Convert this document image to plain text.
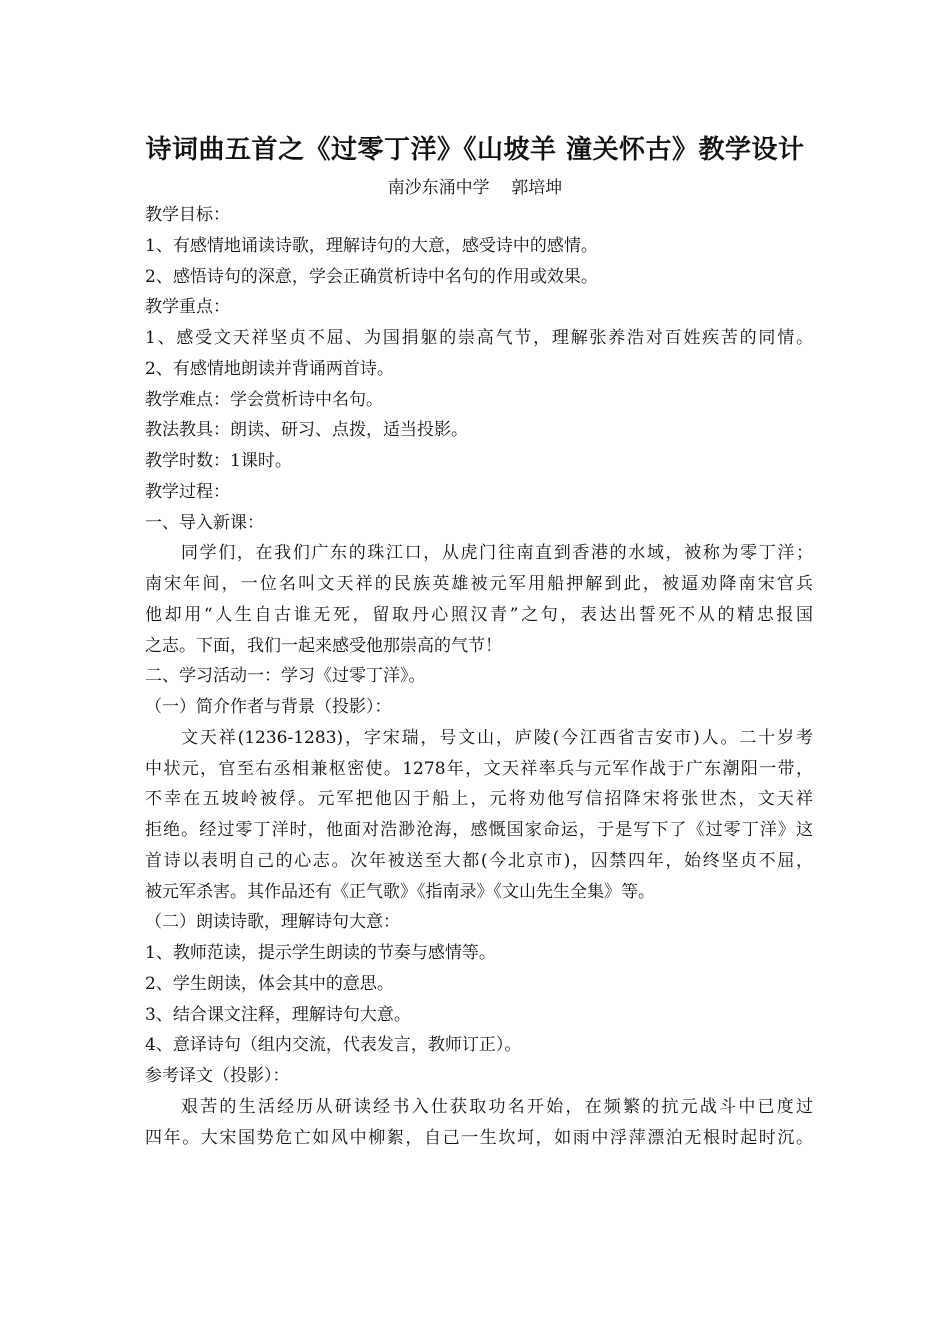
诗词曲五首之《过零丁洋》《山坡羊 潼关怀古》教学设计
南沙东涌中学    郭培坤
教学目标：
1、有感情地诵读诗歌，理解诗句的大意，感受诗中的感情。
2、感悟诗句的深意，学会正确赏析诗中名句的作用或效果。
教学重点：
1、感受文天祥坚贞不屈、为国捐躯的崇高气节，理解张养浩对百姓疾苦的同情。
2、有感情地朗读并背诵两首诗。
教学难点：学会赏析诗中名句。
教法教具：朗读、研习、点拨，适当投影。
教学时数：1课时。
教学过程：
一、导入新课：
同学们，在我们广东的珠江口，从虎门往南直到香港的水域，被称为零丁洋；
南宋年间，一位名叫文天祥的民族英雄被元军用船押解到此，被逼劝降南宋官兵
他却用“人生自古谁无死，留取丹心照汉青”之句，表达出誓死不从的精忠报国
之志。下面，我们一起来感受他那崇高的气节！
二、学习活动一：学习《过零丁洋》。
（一）简介作者与背景（投影）：
文天祥(1236-1283)，字宋瑞，号文山，庐陵(今江西省吉安市)人。二十岁考
中状元，官至右丞相兼枢密使。1278年，文天祥率兵与元军作战于广东潮阳一带，
不幸在五坡岭被俘。元军把他囚于船上，元将劝他写信招降宋将张世杰，文天祥
拒绝。经过零丁洋时，他面对浩渺沧海，感慨国家命运，于是写下了《过零丁洋》这
首诗以表明自己的心志。次年被送至大都(今北京市)，囚禁四年，始终坚贞不屈，
被元军杀害。其作品还有《正气歌》《指南录》《文山先生全集》等。
（二）朗读诗歌，理解诗句大意：
1、教师范读，提示学生朗读的节奏与感情等。
2、学生朗读，体会其中的意思。
3、结合课文注释，理解诗句大意。
4、意译诗句（组内交流，代表发言，教师订正）。
参考译文（投影）：
艰苦的生活经历从研读经书入仕获取功名开始，在频繁的抗元战斗中已度过
四年。大宋国势危亡如风中柳絮，自己一生坎坷，如雨中浮萍漂泊无根时起时沉。
